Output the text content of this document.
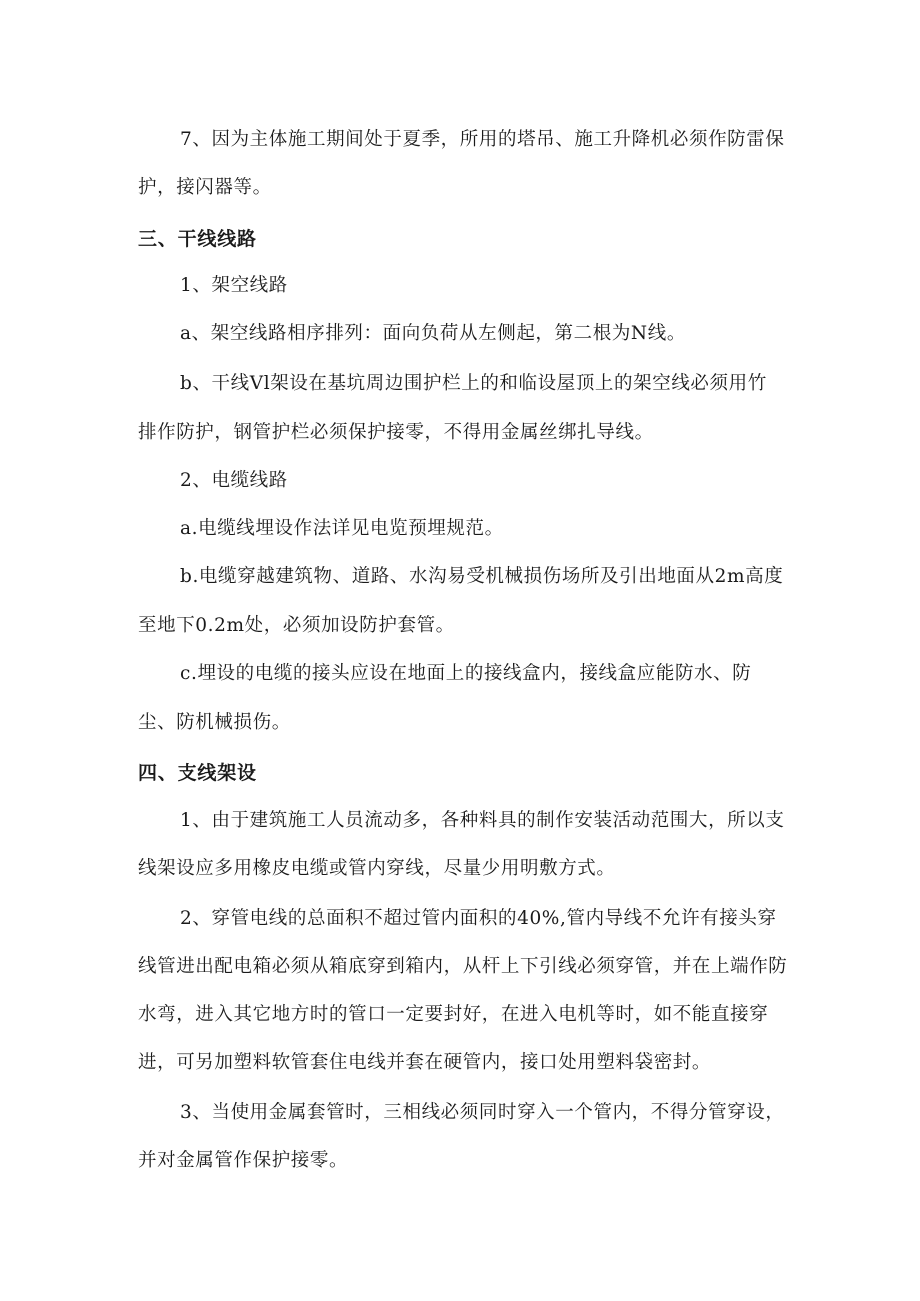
7、因为主体施工期间处于夏季，所用的塔吊、施工升降机必须作防雷保
护，接闪器等。
三、干线线路
1、架空线路
a、架空线路相序排列：面向负荷从左侧起，第二根为N线。
b、干线Vl架设在基坑周边围护栏上的和临设屋顶上的架空线必须用竹
排作防护，钢管护栏必须保护接零，不得用金属丝绑扎导线。
2、电缆线路
a.电缆线埋设作法详见电览预埋规范。
b.电缆穿越建筑物、道路、水沟易受机械损伤场所及引出地面从2m高度
至地下0.2m处，必须加设防护套管。
c.埋设的电缆的接头应设在地面上的接线盒内，接线盒应能防水、防
尘、防机械损伤。
四、支线架设
1、由于建筑施工人员流动多，各种料具的制作安装活动范围大，所以支
线架设应多用橡皮电缆或管内穿线，尽量少用明敷方式。
2、穿管电线的总面积不超过管内面积的40%,管内导线不允许有接头穿
线管进出配电箱必须从箱底穿到箱内，从杆上下引线必须穿管，并在上端作防
水弯，进入其它地方时的管口一定要封好，在进入电机等时，如不能直接穿
进，可另加塑料软管套住电线并套在硬管内，接口处用塑料袋密封。
3、当使用金属套管时，三相线必须同时穿入一个管内，不得分管穿设，
并对金属管作保护接零。
